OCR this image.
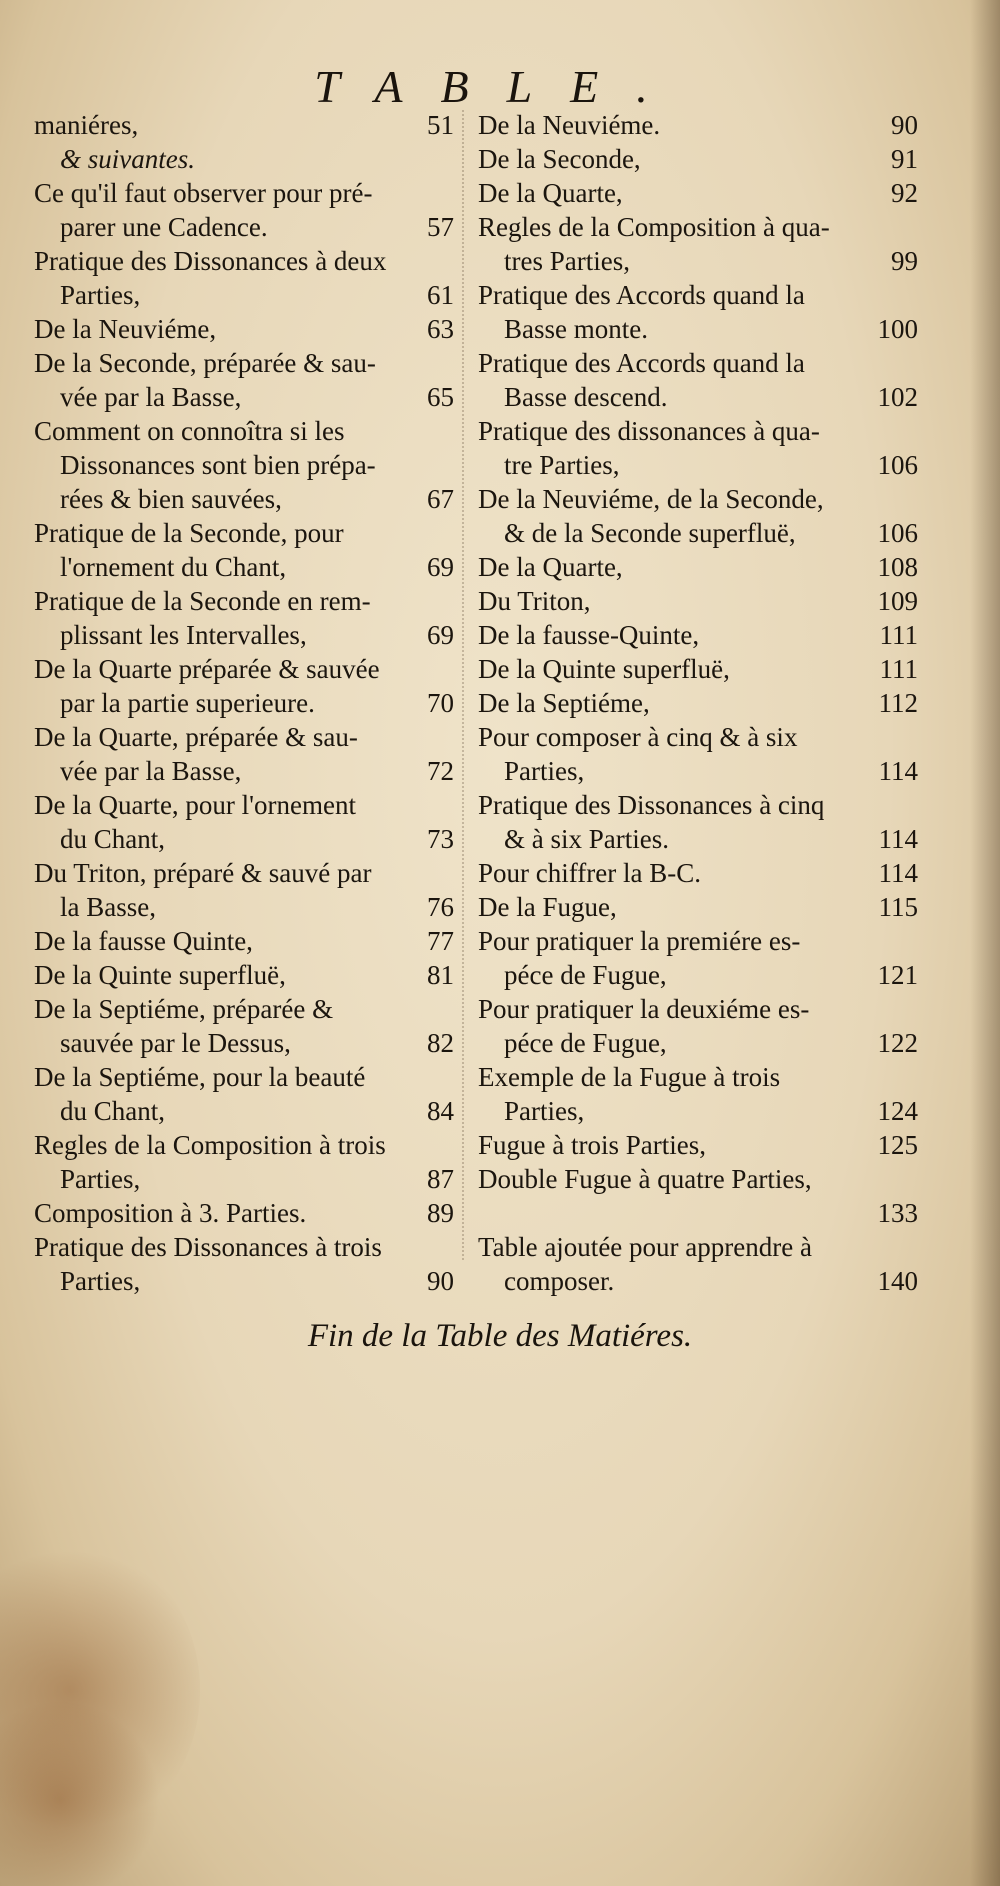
TABLE.
maniéres,	51
& suivantes.
Ce qu'il faut observer pour pré-
parer une Cadence.	57
Pratique des Dissonances à deux
Parties,	61
De la Neuviéme,	63
De la Seconde, préparée & sau-
vée par la Basse,	65
Comment on connoîtra si les
Dissonances sont bien prépa-
rées & bien sauvées,	67
Pratique de la Seconde, pour
l'ornement du Chant,	69
Pratique de la Seconde en rem-
plissant les Intervalles,	69
De la Quarte préparée & sauvée
par la partie superieure.	70
De la Quarte, préparée & sau-
vée par la Basse,	72
De la Quarte, pour l'ornement
du Chant,	73
Du Triton, préparé & sauvé par
la Basse,	76
De la fausse Quinte,	77
De la Quinte superfluë,	81
De la Septiéme, préparée &
sauvée par le Dessus,	82
De la Septiéme, pour la beauté
du Chant,	84
Regles de la Composition à trois
Parties,	87
Composition à 3. Parties.	89
Pratique des Dissonances à trois
Parties,	90
De la Neuviéme.	90
De la Seconde,	91
De la Quarte,	92
Regles de la Composition à qua-
tres Parties,	99
Pratique des Accords quand la
Basse monte.	100
Pratique des Accords quand la
Basse descend.	102
Pratique des dissonances à qua-
tre Parties,	106
De la Neuviéme, de la Seconde,
& de la Seconde superfluë,	106
De la Quarte,	108
Du Triton,	109
De la fausse-Quinte,	111
De la Quinte superfluë,	111
De la Septiéme,	112
Pour composer à cinq & à six
Parties,	114
Pratique des Dissonances à cinq
& à six Parties.	114
Pour chiffrer la B-C.	114
De la Fugue,	115
Pour pratiquer la premiére es-
péce de Fugue,	121
Pour pratiquer la deuxiéme es-
péce de Fugue,	122
Exemple de la Fugue à trois
Parties,	124
Fugue à trois Parties,	125
Double Fugue à quatre Parties,
133
Table ajoutée pour apprendre à
composer.	140
Fin de la Table des Matiéres.
